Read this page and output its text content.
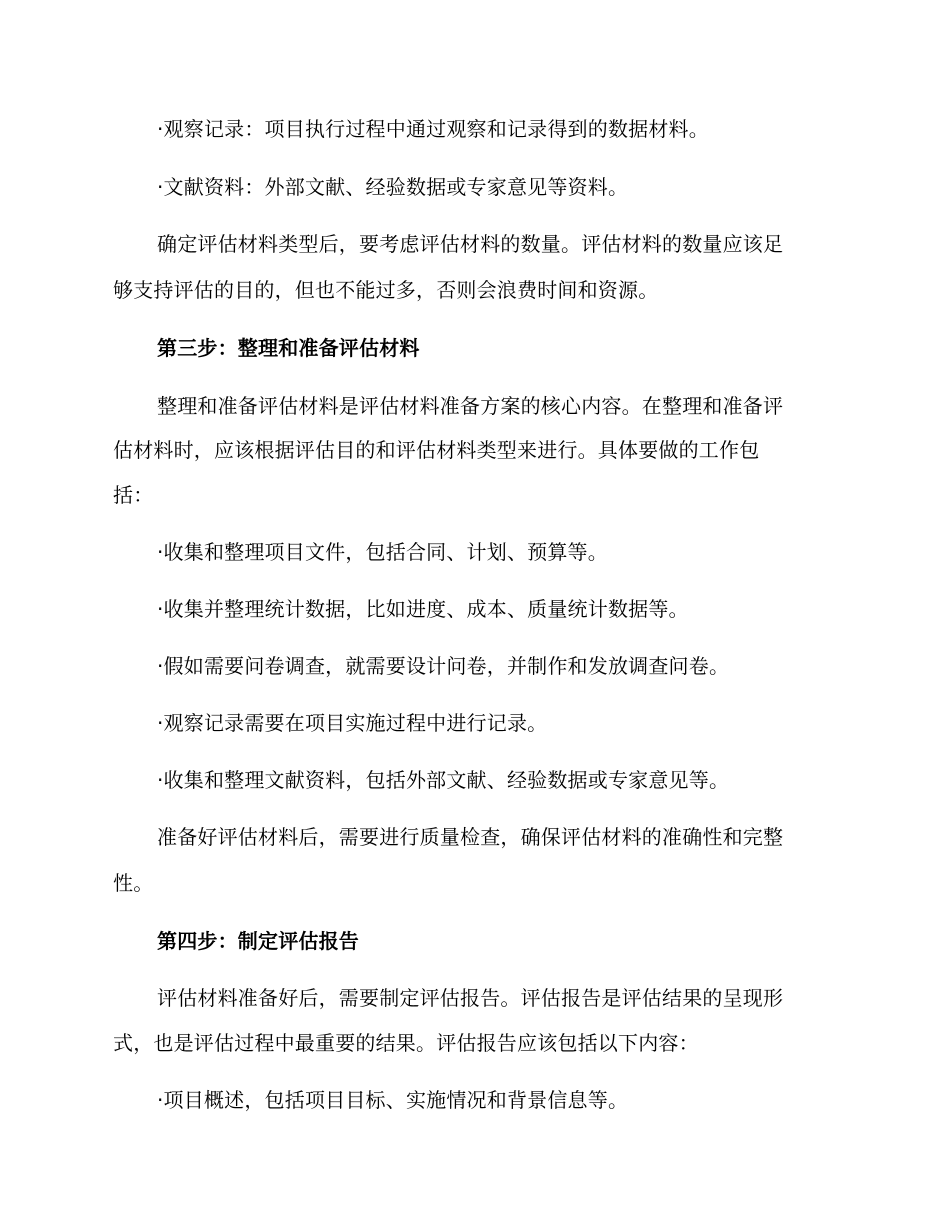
·观察记录：项目执行过程中通过观察和记录得到的数据材料。
·文献资料：外部文献、经验数据或专家意见等资料。
确定评估材料类型后，要考虑评估材料的数量。评估材料的数量应该足
够支持评估的目的，但也不能过多，否则会浪费时间和资源。
第三步：整理和准备评估材料
整理和准备评估材料是评估材料准备方案的核心内容。在整理和准备评
估材料时，应该根据评估目的和评估材料类型来进行。具体要做的工作包
括：
·收集和整理项目文件，包括合同、计划、预算等。
·收集并整理统计数据，比如进度、成本、质量统计数据等。
·假如需要问卷调查，就需要设计问卷，并制作和发放调查问卷。
·观察记录需要在项目实施过程中进行记录。
·收集和整理文献资料，包括外部文献、经验数据或专家意见等。
准备好评估材料后，需要进行质量检查，确保评估材料的准确性和完整
性。
第四步：制定评估报告
评估材料准备好后，需要制定评估报告。评估报告是评估结果的呈现形
式，也是评估过程中最重要的结果。评估报告应该包括以下内容：
·项目概述，包括项目目标、实施情况和背景信息等。
